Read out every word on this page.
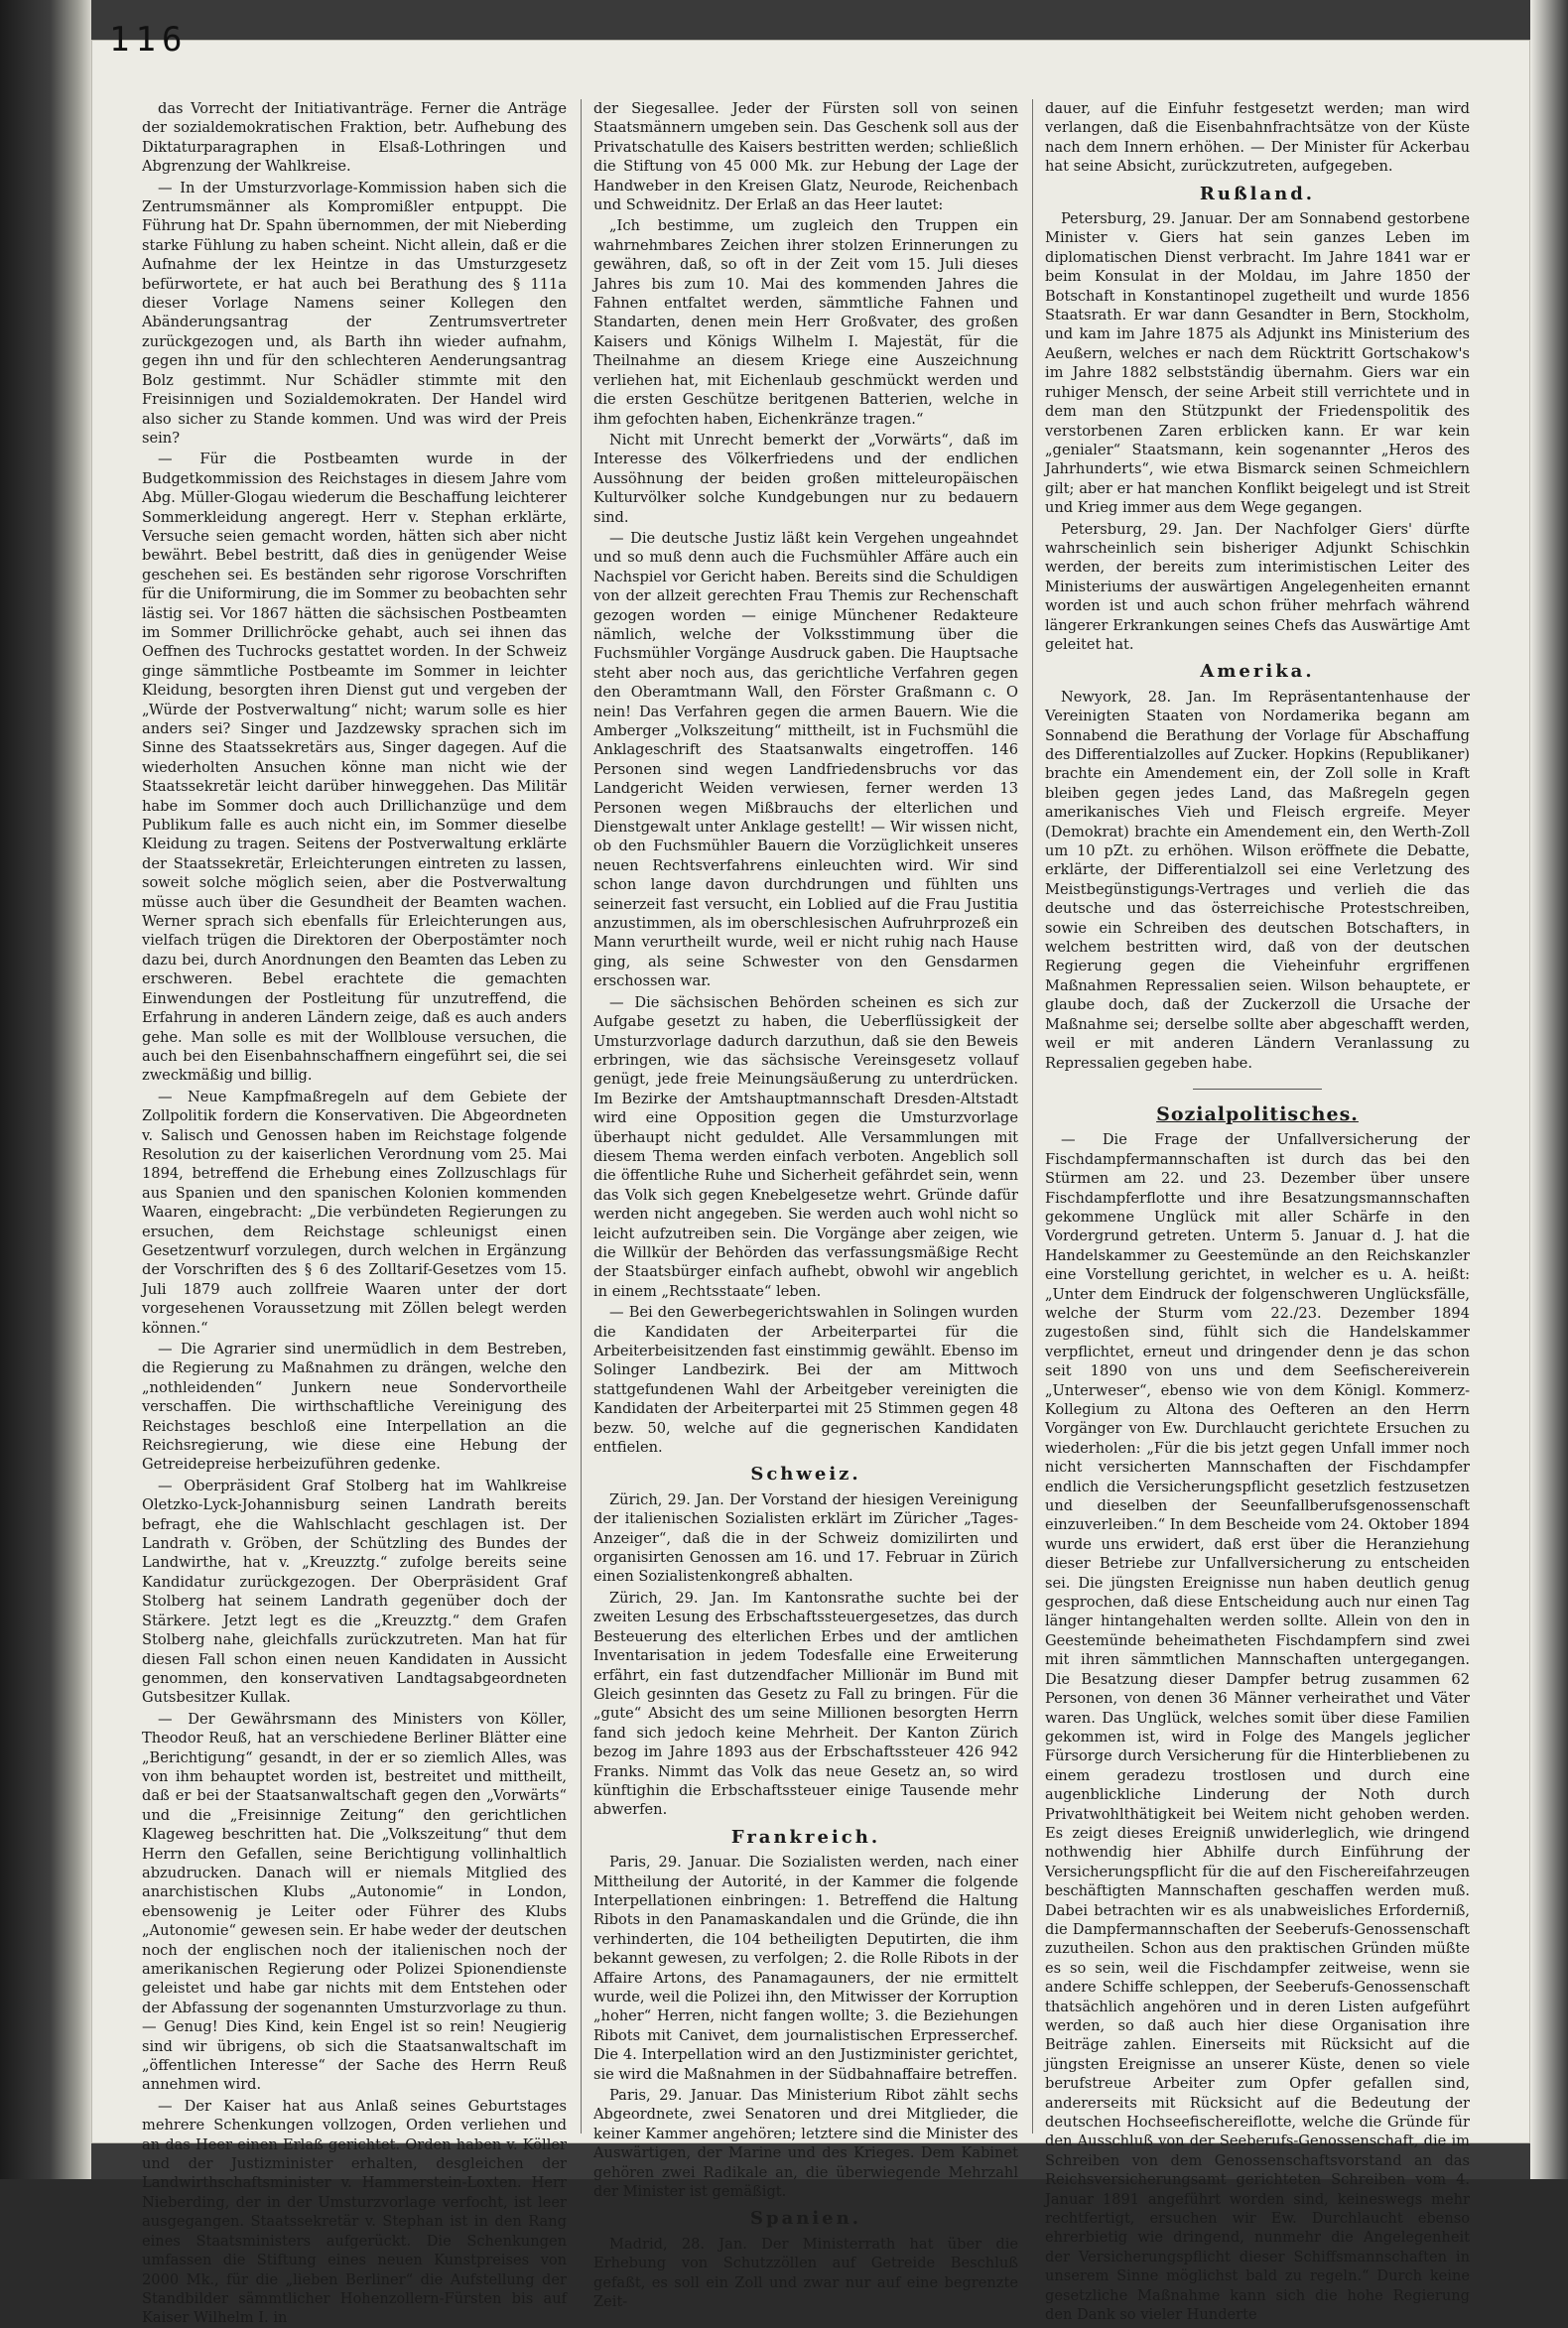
116

das Vorrecht der Initiativanträge. Ferner die Anträge der sozialdemokratischen Fraktion, betr. Aufhebung des Diktaturparagraphen in Elsaß-Lothringen und Abgrenzung der Wahlkreise.

— In der Umsturzvorlage-Kommission haben sich die Zentrumsmänner als Kompromißler entpuppt. Die Führung hat Dr. Spahn übernommen, der mit Nieberding starke Fühlung zu haben scheint. Nicht allein, daß er die Aufnahme der lex Heintze in das Umsturzgesetz befürwortete, er hat auch bei Berathung des § 111a dieser Vorlage Namens seiner Kollegen den Abänderungsantrag der Zentrumsvertreter zurückgezogen und, als Barth ihn wieder aufnahm, gegen ihn und für den schlechteren Aenderungsantrag Bolz gestimmt. Nur Schädler stimmte mit den Freisinnigen und Sozialdemokraten. Der Handel wird also sicher zu Stande kommen. Und was wird der Preis sein?

— Für die Postbeamten wurde in der Budgetkommission des Reichstages in diesem Jahre vom Abg. Müller-Glogau wiederum die Beschaffung leichterer Sommerkleidung angeregt. Herr v. Stephan erklärte, Versuche seien gemacht worden, hätten sich aber nicht bewährt. Bebel bestritt, daß dies in genügender Weise geschehen sei. Es beständen sehr rigorose Vorschriften für die Uniformirung, die im Sommer zu beobachten sehr lästig sei. Vor 1867 hätten die sächsischen Postbeamten im Sommer Drillichröcke gehabt, auch sei ihnen das Oeffnen des Tuchrocks gestattet worden. In der Schweiz ginge sämmtliche Postbeamte im Sommer in leichter Kleidung, besorgten ihren Dienst gut und vergeben der „Würde der Postverwaltung“ nicht; warum solle es hier anders sei? Singer und Jazdzewsky sprachen sich im Sinne des Staatssekretärs aus, Singer dagegen. Auf die wiederholten Ansuchen könne man nicht wie der Staatssekretär leicht darüber hinweggehen. Das Militär habe im Sommer doch auch Drillichanzüge und dem Publikum falle es auch nicht ein, im Sommer dieselbe Kleidung zu tragen. Seitens der Postverwaltung erklärte der Staatssekretär, Erleichterungen eintreten zu lassen, soweit solche möglich seien, aber die Postverwaltung müsse auch über die Gesundheit der Beamten wachen. Werner sprach sich ebenfalls für Erleichterungen aus, vielfach trügen die Direktoren der Oberpostämter noch dazu bei, durch Anordnungen den Beamten das Leben zu erschweren. Bebel erachtete die gemachten Einwendungen der Postleitung für unzutreffend, die Erfahrung in anderen Ländern zeige, daß es auch anders gehe. Man solle es mit der Wollblouse versuchen, die auch bei den Eisenbahnschaffnern eingeführt sei, die sei zweckmäßig und billig.

— Neue Kampfmaßregeln auf dem Gebiete der Zollpolitik fordern die Konservativen. Die Abgeordneten v. Salisch und Genossen haben im Reichstage folgende Resolution zu der kaiserlichen Verordnung vom 25. Mai 1894, betreffend die Erhebung eines Zollzuschlags für aus Spanien und den spanischen Kolonien kommenden Waaren, eingebracht: „Die verbündeten Regierungen zu ersuchen, dem Reichstage schleunigst einen Gesetzentwurf vorzulegen, durch welchen in Ergänzung der Vorschriften des § 6 des Zolltarif-Gesetzes vom 15. Juli 1879 auch zollfreie Waaren unter der dort vorgesehenen Voraussetzung mit Zöllen belegt werden können.“

— Die Agrarier sind unermüdlich in dem Bestreben, die Regierung zu Maßnahmen zu drängen, welche den „nothleidenden“ Junkern neue Sondervortheile verschaffen. Die wirthschaftliche Vereinigung des Reichstages beschloß eine Interpellation an die Reichsregierung, wie diese eine Hebung der Getreidepreise herbeizuführen gedenke.

— Oberpräsident Graf Stolberg hat im Wahlkreise Oletzko-Lyck-Johannisburg seinen Landrath bereits befragt, ehe die Wahlschlacht geschlagen ist. Der Landrath v. Gröben, der Schützling des Bundes der Landwirthe, hat v. „Kreuzztg.“ zufolge bereits seine Kandidatur zurückgezogen. Der Oberpräsident Graf Stolberg hat seinem Landrath gegenüber doch der Stärkere. Jetzt legt es die „Kreuzztg.“ dem Grafen Stolberg nahe, gleichfalls zurückzutreten. Man hat für diesen Fall schon einen neuen Kandidaten in Aussicht genommen, den konservativen Landtagsabgeordneten Gutsbesitzer Kullak.

— Der Gewährsmann des Ministers von Köller, Theodor Reuß, hat an verschiedene Berliner Blätter eine „Berichtigung“ gesandt, in der er so ziemlich Alles, was von ihm behauptet worden ist, bestreitet und mittheilt, daß er bei der Staatsanwaltschaft gegen den „Vorwärts“ und die „Freisinnige Zeitung“ den gerichtlichen Klageweg beschritten hat. Die „Volkszeitung“ thut dem Herrn den Gefallen, seine Berichtigung vollinhaltlich abzudrucken. Danach will er niemals Mitglied des anarchistischen Klubs „Autonomie“ in London, ebensowenig je Leiter oder Führer des Klubs „Autonomie“ gewesen sein. Er habe weder der deutschen noch der englischen noch der italienischen noch der amerikanischen Regierung oder Polizei Spionendienste geleistet und habe gar nichts mit dem Entstehen oder der Abfassung der sogenannten Umsturzvorlage zu thun. — Genug! Dies Kind, kein Engel ist so rein! Neugierig sind wir übrigens, ob sich die Staatsanwaltschaft im „öffentlichen Interesse“ der Sache des Herrn Reuß annehmen wird.

— Der Kaiser hat aus Anlaß seines Geburtstages mehrere Schenkungen vollzogen, Orden verliehen und an das Heer einen Erlaß gerichtet. Orden haben v. Köller und der Justizminister erhalten, desgleichen der Landwirthschaftsminister v. Hammerstein-Loxten. Herr Nieberding, der in der Umsturzvorlage verfocht, ist leer ausgegangen. Staatssekretär v. Stephan ist in den Rang eines Staatsministers aufgerückt. Die Schenkungen umfassen die Stiftung eines neuen Kunstpreises von 2000 Mk., für die „lieben Berliner“ die Aufstellung der Standbilder sämmtlicher Hohenzollern-Fürsten bis auf Kaiser Wilhelm I. in

der Siegesallee. Jeder der Fürsten soll von seinen Staatsmännern umgeben sein. Das Geschenk soll aus der Privatschatulle des Kaisers bestritten werden; schließlich die Stiftung von 45 000 Mk. zur Hebung der Lage der Handweber in den Kreisen Glatz, Neurode, Reichenbach und Schweidnitz. Der Erlaß an das Heer lautet:

„Ich bestimme, um zugleich den Truppen ein wahrnehmbares Zeichen ihrer stolzen Erinnerungen zu gewähren, daß, so oft in der Zeit vom 15. Juli dieses Jahres bis zum 10. Mai des kommenden Jahres die Fahnen entfaltet werden, sämmtliche Fahnen und Standarten, denen mein Herr Großvater, des großen Kaisers und Königs Wilhelm I. Majestät, für die Theilnahme an diesem Kriege eine Auszeichnung verliehen hat, mit Eichenlaub geschmückt werden und die ersten Geschütze beritgenen Batterien, welche in ihm gefochten haben, Eichenkränze tragen.“

Nicht mit Unrecht bemerkt der „Vorwärts“, daß im Interesse des Völkerfriedens und der endlichen Aussöhnung der beiden großen mitteleuropäischen Kulturvölker solche Kundgebungen nur zu bedauern sind.

— Die deutsche Justiz läßt kein Vergehen ungeahndet und so muß denn auch die Fuchsmühler Affäre auch ein Nachspiel vor Gericht haben. Bereits sind die Schuldigen von der allzeit gerechten Frau Themis zur Rechenschaft gezogen worden — einige Münchener Redakteure nämlich, welche der Volksstimmung über die Fuchsmühler Vorgänge Ausdruck gaben. Die Hauptsache steht aber noch aus, das gerichtliche Verfahren gegen den Oberamtmann Wall, den Förster Graßmann c. O nein! Das Verfahren gegen die armen Bauern. Wie die Amberger „Volkszeitung“ mittheilt, ist in Fuchsmühl die Anklageschrift des Staatsanwalts eingetroffen. 146 Personen sind wegen Landfriedensbruchs vor das Landgericht Weiden verwiesen, ferner werden 13 Personen wegen Mißbrauchs der elterlichen und Dienstgewalt unter Anklage gestellt! — Wir wissen nicht, ob den Fuchsmühler Bauern die Vorzüglichkeit unseres neuen Rechtsverfahrens einleuchten wird. Wir sind schon lange davon durchdrungen und fühlten uns seinerzeit fast versucht, ein Loblied auf die Frau Justitia anzustimmen, als im oberschlesischen Aufruhrprozeß ein Mann verurtheilt wurde, weil er nicht ruhig nach Hause ging, als seine Schwester von den Gensdarmen erschossen war.

— Die sächsischen Behörden scheinen es sich zur Aufgabe gesetzt zu haben, die Ueberflüssigkeit der Umsturzvorlage dadurch darzuthun, daß sie den Beweis erbringen, wie das sächsische Vereinsgesetz vollauf genügt, jede freie Meinungsäußerung zu unterdrücken. Im Bezirke der Amtshauptmannschaft Dresden-Altstadt wird eine Opposition gegen die Umsturzvorlage überhaupt nicht geduldet. Alle Versammlungen mit diesem Thema werden einfach verboten. Angeblich soll die öffentliche Ruhe und Sicherheit gefährdet sein, wenn das Volk sich gegen Knebelgesetze wehrt. Gründe dafür werden nicht angegeben. Sie werden auch wohl nicht so leicht aufzutreiben sein. Die Vorgänge aber zeigen, wie die Willkür der Behörden das verfassungsmäßige Recht der Staatsbürger einfach aufhebt, obwohl wir angeblich in einem „Rechtsstaate“ leben.

— Bei den Gewerbegerichtswahlen in Solingen wurden die Kandidaten der Arbeiterpartei für die Arbeiterbeisitzenden fast einstimmig gewählt. Ebenso im Solinger Landbezirk. Bei der am Mittwoch stattgefundenen Wahl der Arbeitgeber vereinigten die Kandidaten der Arbeiterpartei mit 25 Stimmen gegen 48 bezw. 50, welche auf die gegnerischen Kandidaten entfielen.

Schweiz.

Zürich, 29. Jan. Der Vorstand der hiesigen Vereinigung der italienischen Sozialisten erklärt im Züricher „Tages-Anzeiger“, daß die in der Schweiz domizilirten und organisirten Genossen am 16. und 17. Februar in Zürich einen Sozialistenkongreß abhalten.

Zürich, 29. Jan. Im Kantonsrathe suchte bei der zweiten Lesung des Erbschaftssteuergesetzes, das durch Besteuerung des elterlichen Erbes und der amtlichen Inventarisation in jedem Todesfalle eine Erweiterung erfährt, ein fast dutzendfacher Millionär im Bund mit Gleich gesinnten das Gesetz zu Fall zu bringen. Für die „gute“ Absicht des um seine Millionen besorgten Herrn fand sich jedoch keine Mehrheit. Der Kanton Zürich bezog im Jahre 1893 aus der Erbschaftssteuer 426 942 Franks. Nimmt das Volk das neue Gesetz an, so wird künftighin die Erbschaftssteuer einige Tausende mehr abwerfen.

Frankreich.

Paris, 29. Januar. Die Sozialisten werden, nach einer Mittheilung der Autorité, in der Kammer die folgende Interpellationen einbringen: 1. Betreffend die Haltung Ribots in den Panamaskandalen und die Gründe, die ihn verhinderten, die 104 betheiligten Deputirten, die ihm bekannt gewesen, zu verfolgen; 2. die Rolle Ribots in der Affaire Artons, des Panamagauners, der nie ermittelt wurde, weil die Polizei ihn, den Mitwisser der Korruption „hoher“ Herren, nicht fangen wollte; 3. die Beziehungen Ribots mit Canivet, dem journalistischen Erpresserchef. Die 4. Interpellation wird an den Justizminister gerichtet, sie wird die Maßnahmen in der Südbahnaffaire betreffen.

Paris, 29. Januar. Das Ministerium Ribot zählt sechs Abgeordnete, zwei Senatoren und drei Mitglieder, die keiner Kammer angehören; letztere sind die Minister des Auswärtigen, der Marine und des Krieges. Dem Kabinet gehören zwei Radikale an, die überwiegende Mehrzahl der Minister ist gemäßigt.

Spanien.

Madrid, 28. Jan. Der Ministerrath hat über die Erhebung von Schutzzöllen auf Getreide Beschluß gefaßt, es soll ein Zoll und zwar nur auf eine begrenzte Zeit-

dauer, auf die Einfuhr festgesetzt werden; man wird verlangen, daß die Eisenbahnfrachtsätze von der Küste nach dem Innern erhöhen. — Der Minister für Ackerbau hat seine Absicht, zurückzutreten, aufgegeben.

Rußland.

Petersburg, 29. Januar. Der am Sonnabend gestorbene Minister v. Giers hat sein ganzes Leben im diplomatischen Dienst verbracht. Im Jahre 1841 war er beim Konsulat in der Moldau, im Jahre 1850 der Botschaft in Konstantinopel zugetheilt und wurde 1856 Staatsrath. Er war dann Gesandter in Bern, Stockholm, und kam im Jahre 1875 als Adjunkt ins Ministerium des Aeußern, welches er nach dem Rücktritt Gortschakow's im Jahre 1882 selbstständig übernahm. Giers war ein ruhiger Mensch, der seine Arbeit still verrichtete und in dem man den Stützpunkt der Friedenspolitik des verstorbenen Zaren erblicken kann. Er war kein „genialer“ Staatsmann, kein sogenannter „Heros des Jahrhunderts“, wie etwa Bismarck seinen Schmeichlern gilt; aber er hat manchen Konflikt beigelegt und ist Streit und Krieg immer aus dem Wege gegangen.

Petersburg, 29. Jan. Der Nachfolger Giers' dürfte wahrscheinlich sein bisheriger Adjunkt Schischkin werden, der bereits zum interimistischen Leiter des Ministeriums der auswärtigen Angelegenheiten ernannt worden ist und auch schon früher mehrfach während längerer Erkrankungen seines Chefs das Auswärtige Amt geleitet hat.

Amerika.

Newyork, 28. Jan. Im Repräsentantenhause der Vereinigten Staaten von Nordamerika begann am Sonnabend die Berathung der Vorlage für Abschaffung des Differentialzolles auf Zucker. Hopkins (Republikaner) brachte ein Amendement ein, der Zoll solle in Kraft bleiben gegen jedes Land, das Maßregeln gegen amerikanisches Vieh und Fleisch ergreife. Meyer (Demokrat) brachte ein Amendement ein, den Werth-Zoll um 10 pZt. zu erhöhen. Wilson eröffnete die Debatte, erklärte, der Differentialzoll sei eine Verletzung des Meistbegünstigungs-Vertrages und verlieh die das deutsche und das österreichische Protestschreiben, sowie ein Schreiben des deutschen Botschafters, in welchem bestritten wird, daß von der deutschen Regierung gegen die Vieheinfuhr ergriffenen Maßnahmen Repressalien seien. Wilson behauptete, er glaube doch, daß der Zuckerzoll die Ursache der Maßnahme sei; derselbe sollte aber abgeschafft werden, weil er mit anderen Ländern Veranlassung zu Repressalien gegeben habe.

Sozialpolitisches.

— Die Frage der Unfallversicherung der Fischdampfermannschaften ist durch das bei den Stürmen am 22. und 23. Dezember über unsere Fischdampferflotte und ihre Besatzungsmannschaften gekommene Unglück mit aller Schärfe in den Vordergrund getreten. Unterm 5. Januar d. J. hat die Handelskammer zu Geestemünde an den Reichskanzler eine Vorstellung gerichtet, in welcher es u. A. heißt: „Unter dem Eindruck der folgenschweren Unglücksfälle, welche der Sturm vom 22./23. Dezember 1894 zugestoßen sind, fühlt sich die Handelskammer verpflichtet, erneut und dringender denn je das schon seit 1890 von uns und dem Seefischereiverein „Unterweser“, ebenso wie von dem Königl. Kommerz-Kollegium zu Altona des Oefteren an den Herrn Vorgänger von Ew. Durchlaucht gerichtete Ersuchen zu wiederholen: „Für die bis jetzt gegen Unfall immer noch nicht versicherten Mannschaften der Fischdampfer endlich die Versicherungspflicht gesetzlich festzusetzen und dieselben der Seeunfallberufsgenossenschaft einzuverleiben.“ In dem Bescheide vom 24. Oktober 1894 wurde uns erwidert, daß erst über die Heranziehung dieser Betriebe zur Unfallversicherung zu entscheiden sei. Die jüngsten Ereignisse nun haben deutlich genug gesprochen, daß diese Entscheidung auch nur einen Tag länger hintangehalten werden sollte. Allein von den in Geestemünde beheimatheten Fischdampfern sind zwei mit ihren sämmtlichen Mannschaften untergegangen. Die Besatzung dieser Dampfer betrug zusammen 62 Personen, von denen 36 Männer verheirathet und Väter waren. Das Unglück, welches somit über diese Familien gekommen ist, wird in Folge des Mangels jeglicher Fürsorge durch Versicherung für die Hinterbliebenen zu einem geradezu trostlosen und durch eine augenblickliche Linderung der Noth durch Privatwohlthätigkeit bei Weitem nicht gehoben werden. Es zeigt dieses Ereigniß unwiderleglich, wie dringend nothwendig hier Abhilfe durch Einführung der Versicherungspflicht für die auf den Fischereifahrzeugen beschäftigten Mannschaften geschaffen werden muß. Dabei betrachten wir es als unabweisliches Erforderniß, die Dampfermannschaften der Seeberufs-Genossenschaft zuzutheilen. Schon aus den praktischen Gründen müßte es so sein, weil die Fischdampfer zeitweise, wenn sie andere Schiffe schleppen, der Seeberufs-Genossenschaft thatsächlich angehören und in deren Listen aufgeführt werden, so daß auch hier diese Organisation ihre Beiträge zahlen. Einerseits mit Rücksicht auf die jüngsten Ereignisse an unserer Küste, denen so viele berufstreue Arbeiter zum Opfer gefallen sind, andererseits mit Rücksicht auf die Bedeutung der deutschen Hochseefischereiflotte, welche die Gründe für den Ausschluß von der Seeberufs-Genossenschaft, die im Schreiben von dem Genossenschaftsvorstand an das Reichsversicherungsamt gerichteten Schreiben vom 4. Januar 1891 angeführt worden sind, keineswegs mehr rechtfertigt, ersuchen wir Ew. Durchlaucht ebenso ehrerbietig wie dringend, nunmehr die Angelegenheit der Versicherungspflicht dieser Schiffsmannschaften in unserem Sinne möglichst bald zu regeln.“ Durch keine gesetzliche Maßnahme kann sich die hohe Regierung den Dank so vieler Hunderte
